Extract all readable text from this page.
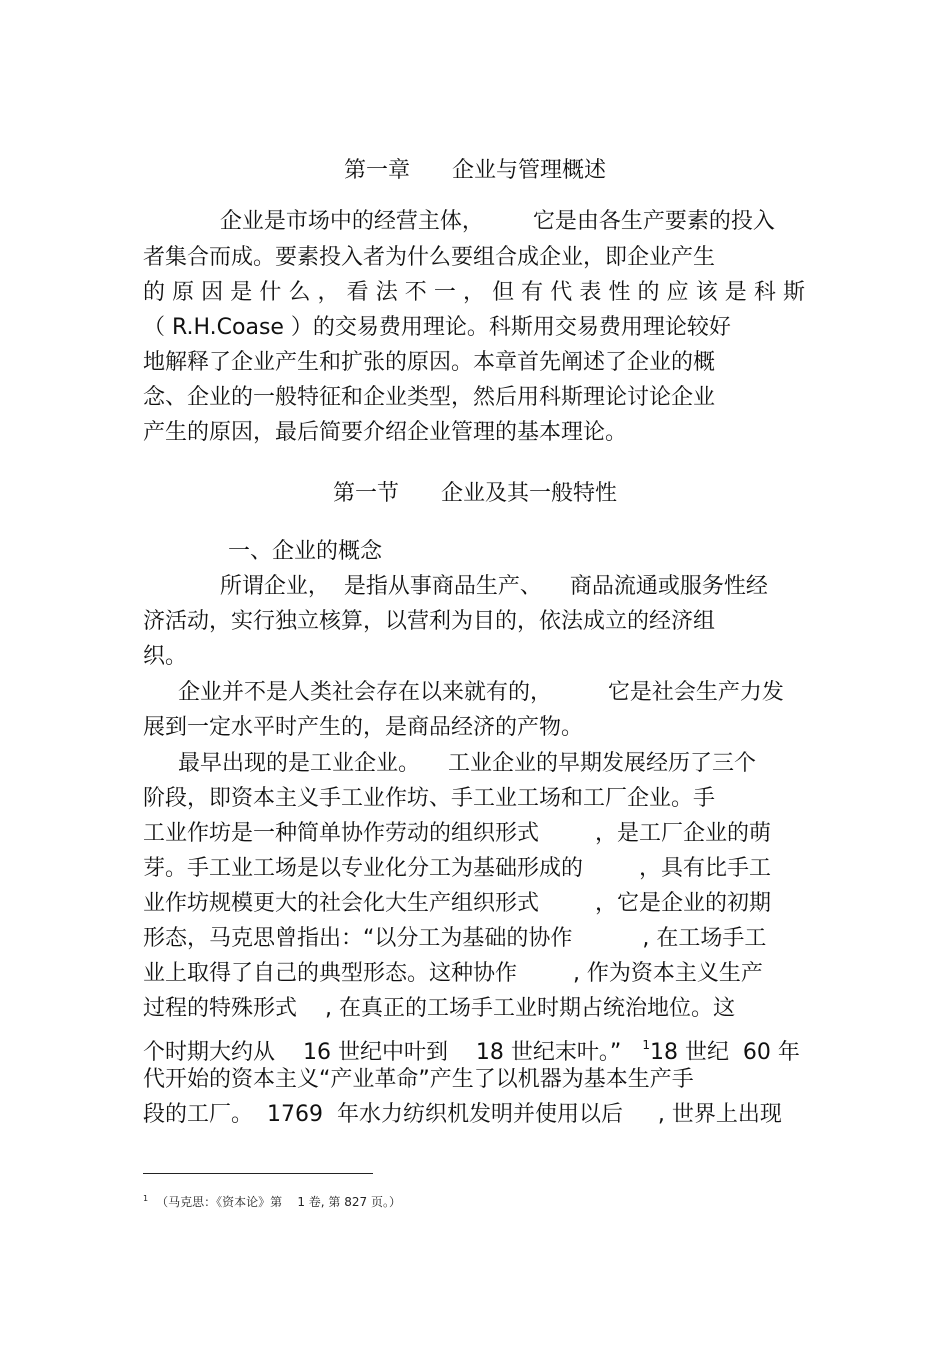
第一章      企业与管理概述
企业是市场中的经营主体，       它是由各生产要素的投入
者集合而成。要素投入者为什么要组合成企业，即企业产生
的原因是什么，看法不一，但有代表性的应该是科斯
（ R.H.Coase ）的交易费用理论。科斯用交易费用理论较好
地解释了企业产生和扩张的原因。本章首先阐述了企业的概
念、企业的一般特征和企业类型，然后用科斯理论讨论企业
产生的原因，最后简要介绍企业管理的基本理论。
第一节      企业及其一般特性
一、企业的概念
所谓企业，  是指从事商品生产、    商品流通或服务性经
济活动，实行独立核算，以营利为目的，依法成立的经济组
织。
企业并不是人类社会存在以来就有的，        它是社会生产力发
展到一定水平时产生的，是商品经济的产物。
最早出现的是工业企业。    工业企业的早期发展经历了三个
阶段，即资本主义手工业作坊、手工业工场和工厂企业。手
工业作坊是一种简单协作劳动的组织形式        ，是工厂企业的萌
芽。手工业工场是以专业化分工为基础形成的        ，具有比手工
业作坊规模更大的社会化大生产组织形式        ，它是企业的初期
形态，马克思曾指出：“以分工为基础的协作          , 在工场手工
业上取得了自己的典型形态。这种协作        , 作为资本主义生产
过程的特殊形式    , 在真正的工场手工业时期占统治地位。这
个时期大约从    16 世纪中叶到    18 世纪末叶。”   $^1$18 世纪  60 年
代开始的资本主义“产业革命”产生了以机器为基本生产手
段的工厂。  1769  年水力纺织机发明并使用以后     , 世界上出现
$^1$ （马克思：《资本论》第    1 卷, 第 827 页。）
